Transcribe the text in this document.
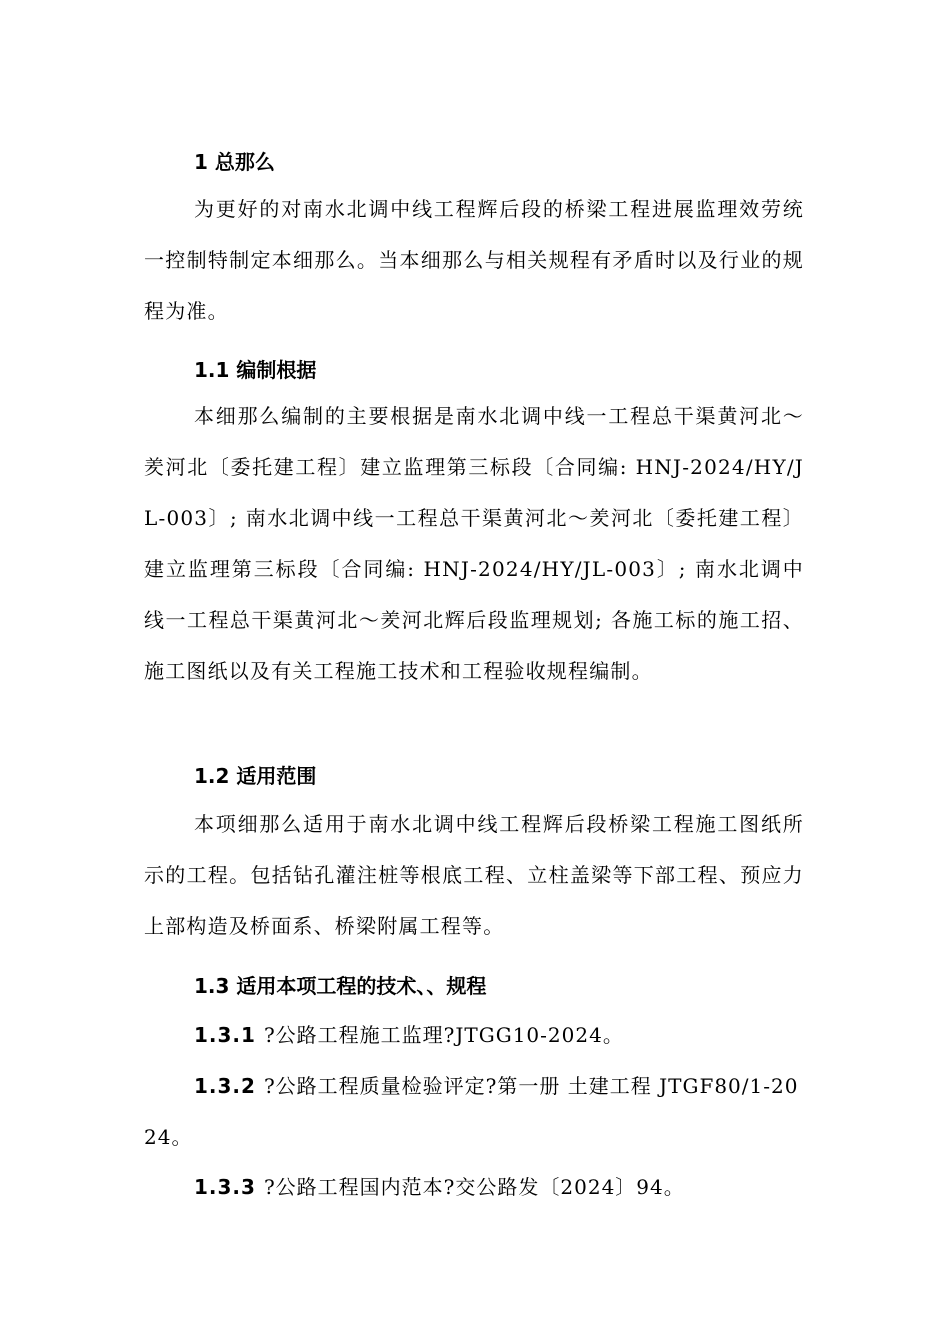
1 总那么
为更好的对南水北调中线工程辉后段的桥梁工程进展监理效劳统一控制特制定本细那么。当本细那么与相关规程有矛盾时以及行业的规程为准。
1.1 编制根据
本细那么编制的主要根据是南水北调中线一工程总干渠黄河北～羑河北〔委托建工程〕建立监理第三标段〔合同编: HNJ-2024/HY/JL-003〕; 南水北调中线一工程总干渠黄河北～羑河北〔委托建工程〕建立监理第三标段〔合同编: HNJ-2024/HY/JL-003〕; 南水北调中线一工程总干渠黄河北～羑河北辉后段监理规划; 各施工标的施工招、施工图纸以及有关工程施工技术和工程验收规程编制。
1.2 适用范围
本项细那么适用于南水北调中线工程辉后段桥梁工程施工图纸所示的工程。包括钻孔灌注桩等根底工程、立柱盖梁等下部工程、预应力上部构造及桥面系、桥梁附属工程等。
1.3 适用本项工程的技术、、规程
1.3.1 ?公路工程施工监理?JTGG10-2024。
1.3.2 ?公路工程质量检验评定?第一册 土建工程 JTGF80/1-2024。
1.3.3 ?公路工程国内范本?交公路发〔2024〕94。
